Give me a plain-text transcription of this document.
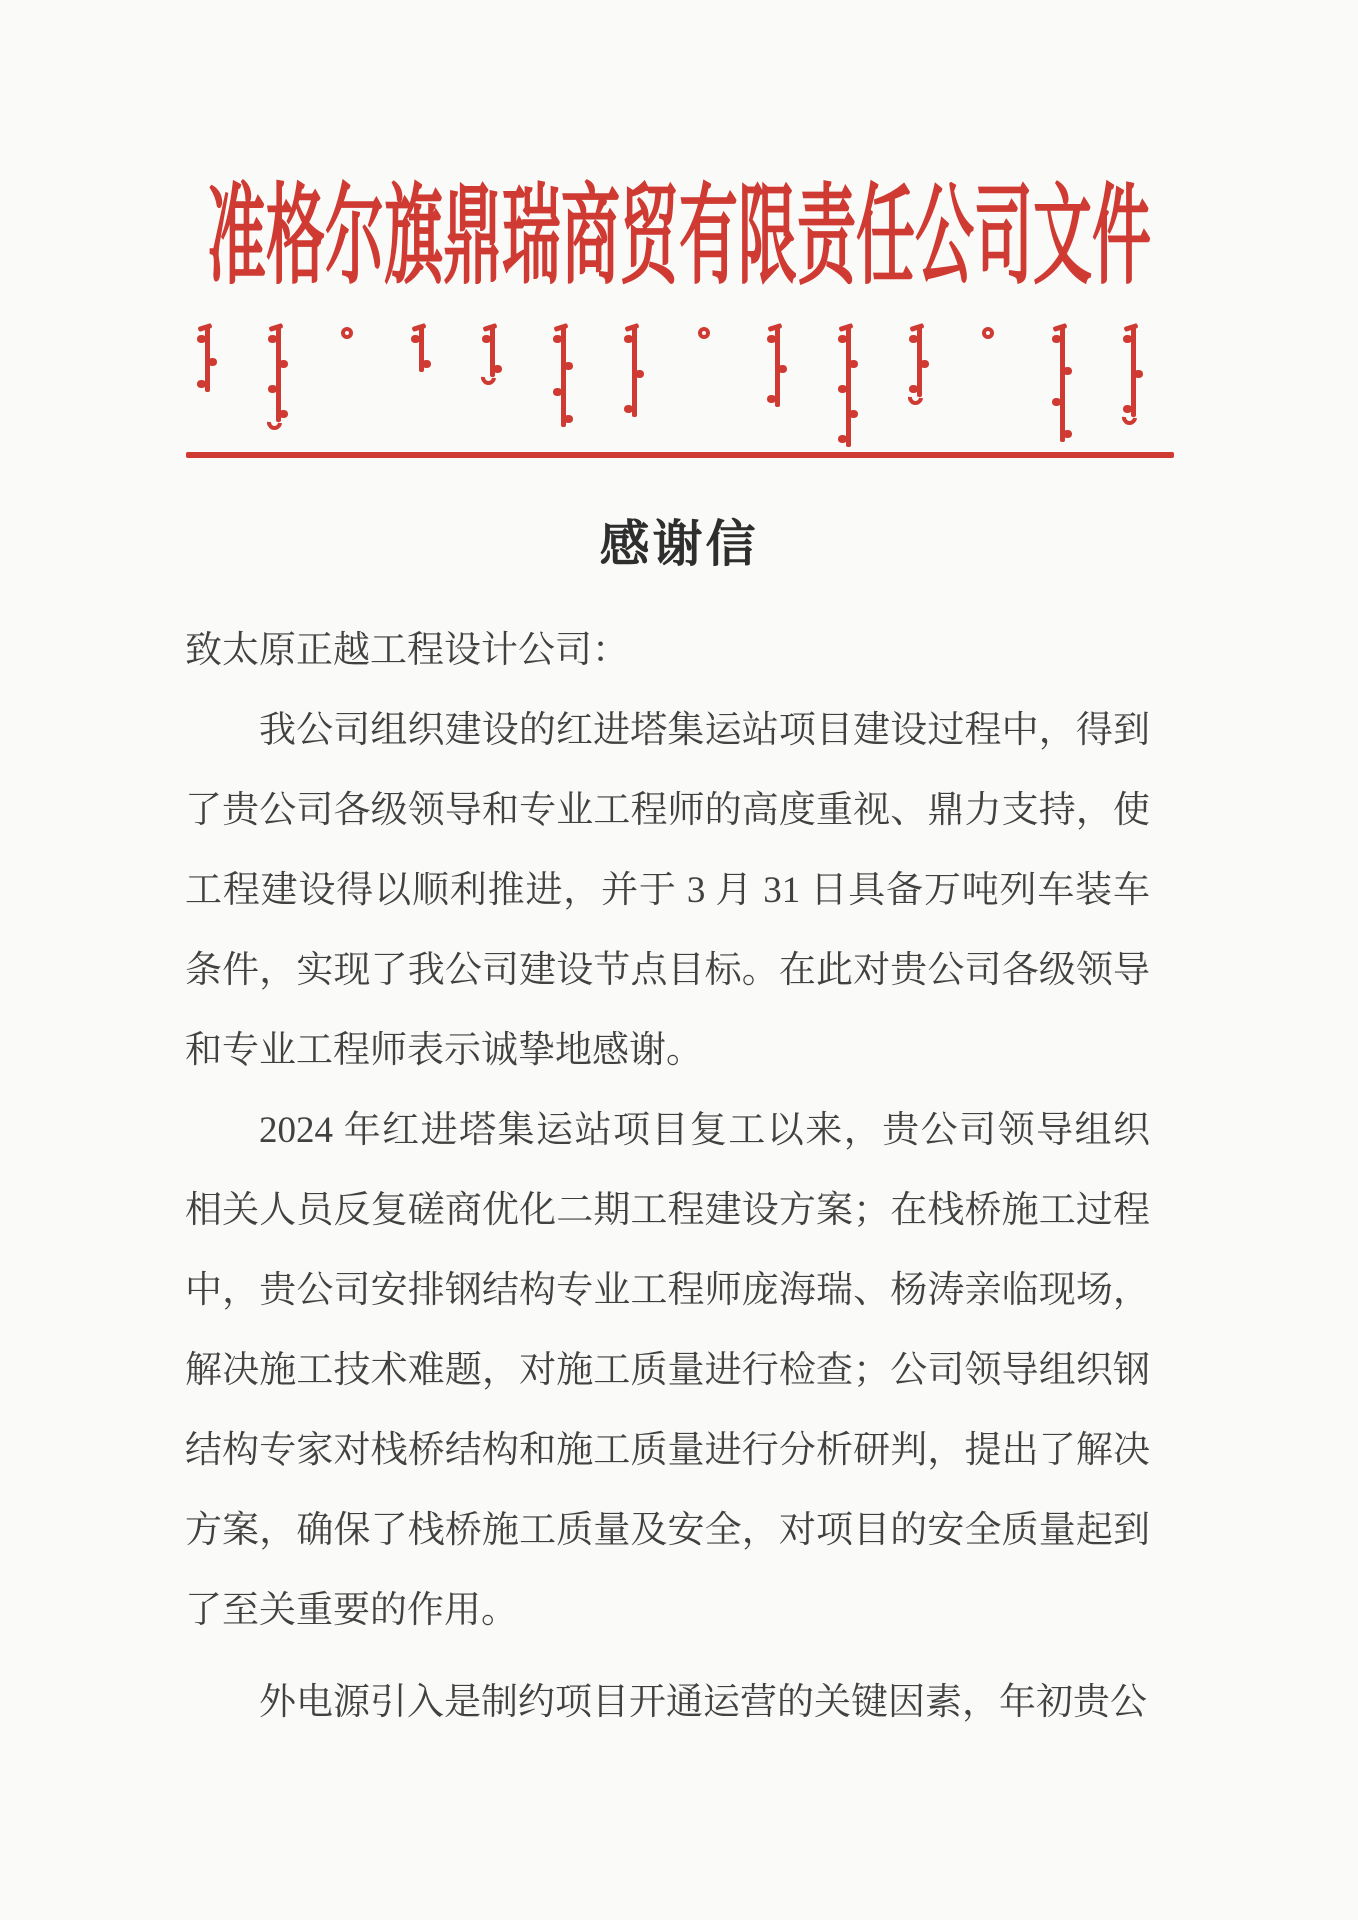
准格尔旗鼎瑞商贸有限责任公司文件
感谢信

致太原正越工程设计公司：

我公司组织建设的红进塔集运站项目建设过程中，得到了贵公司各级领导和专业工程师的高度重视、鼎力支持，使工程建设得以顺利推进，并于 3 月 31 日具备万吨列车装车条件，实现了我公司建设节点目标。在此对贵公司各级领导和专业工程师表示诚挚地感谢。

2024 年红进塔集运站项目复工以来，贵公司领导组织相关人员反复磋商优化二期工程建设方案；在栈桥施工过程中，贵公司安排钢结构专业工程师庞海瑞、杨涛亲临现场，解决施工技术难题，对施工质量进行检查；公司领导组织钢结构专家对栈桥结构和施工质量进行分析研判，提出了解决方案，确保了栈桥施工质量及安全，对项目的安全质量起到了至关重要的作用。

外电源引入是制约项目开通运营的关键因素，年初贵公
